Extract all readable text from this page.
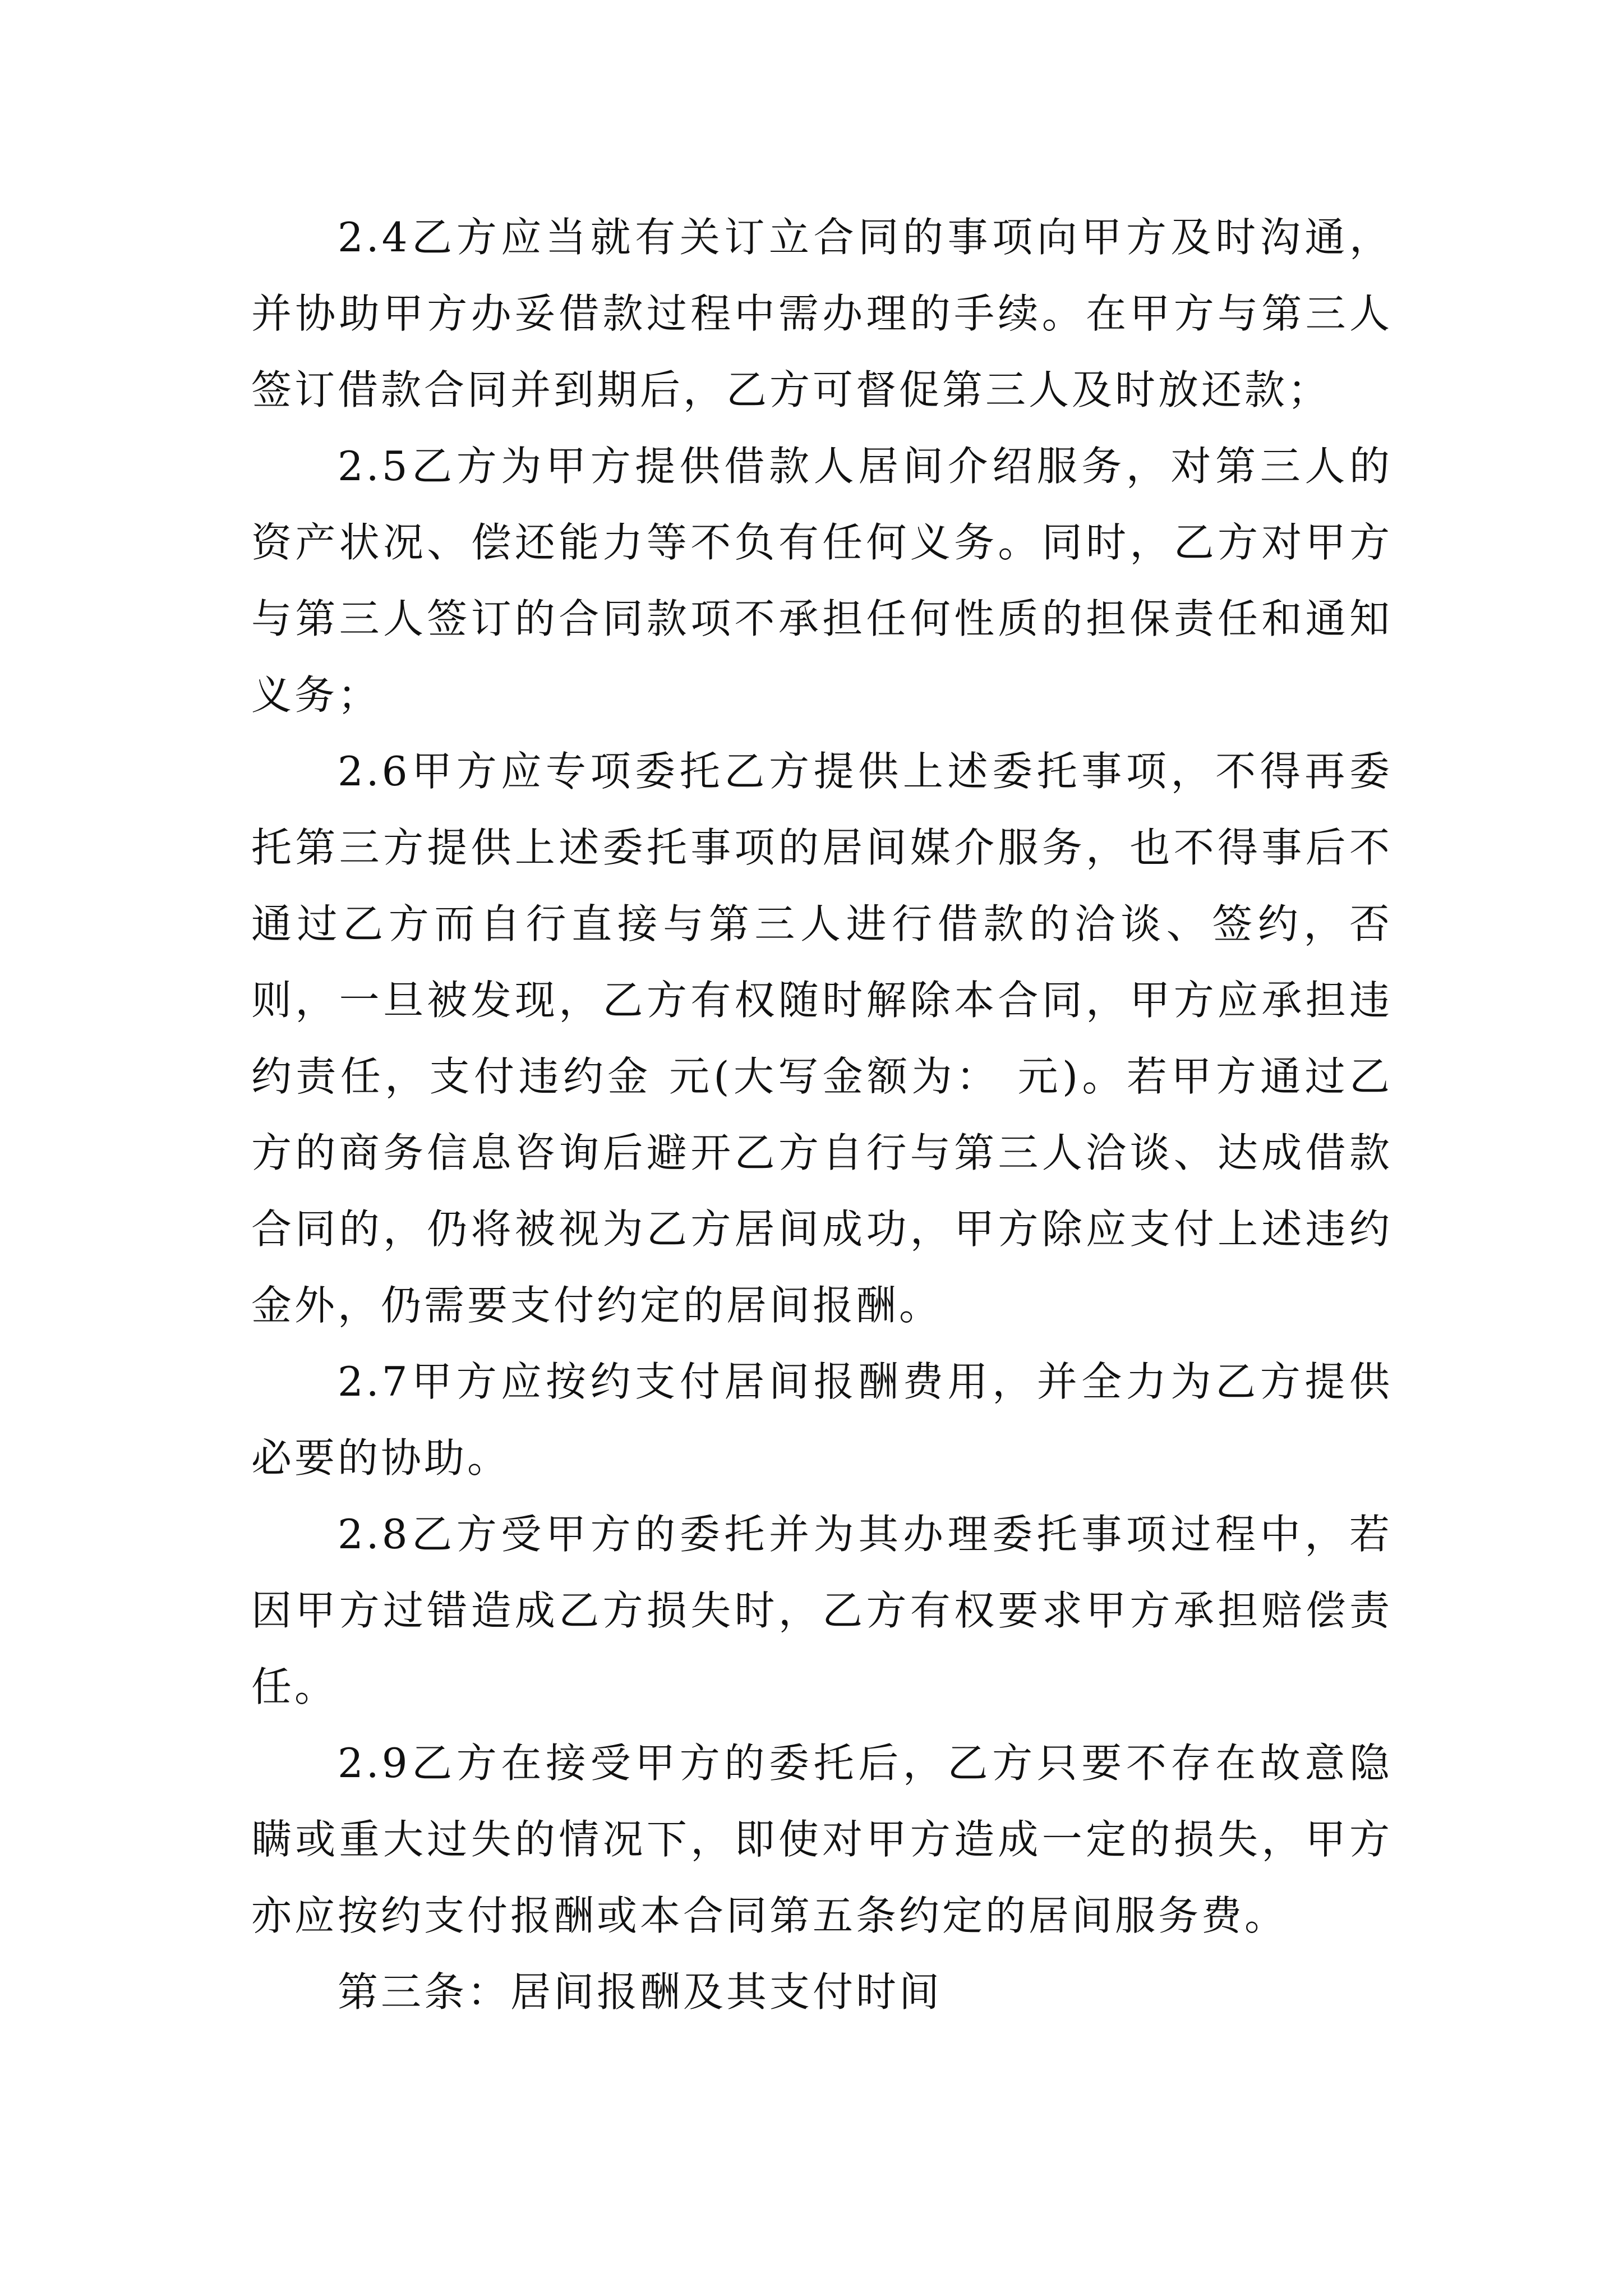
2.4乙方应当就有关订立合同的事项向甲方及时沟通，并协助甲方办妥借款过程中需办理的手续。在甲方与第三人签订借款合同并到期后，乙方可督促第三人及时放还款；

2.5乙方为甲方提供借款人居间介绍服务，对第三人的资产状况、偿还能力等不负有任何义务。同时，乙方对甲方与第三人签订的合同款项不承担任何性质的担保责任和通知义务；

2.6甲方应专项委托乙方提供上述委托事项，不得再委托第三方提供上述委托事项的居间媒介服务，也不得事后不通过乙方而自行直接与第三人进行借款的洽谈、签约，否则，一旦被发现，乙方有权随时解除本合同，甲方应承担违约责任，支付违约金 元(大写金额为： 元)。若甲方通过乙方的商务信息咨询后避开乙方自行与第三人洽谈、达成借款合同的，仍将被视为乙方居间成功，甲方除应支付上述违约金外，仍需要支付约定的居间报酬。

2.7甲方应按约支付居间报酬费用，并全力为乙方提供必要的协助。

2.8乙方受甲方的委托并为其办理委托事项过程中，若因甲方过错造成乙方损失时，乙方有权要求甲方承担赔偿责任。

2.9乙方在接受甲方的委托后，乙方只要不存在故意隐瞒或重大过失的情况下，即使对甲方造成一定的损失，甲方亦应按约支付报酬或本合同第五条约定的居间服务费。

第三条：居间报酬及其支付时间
